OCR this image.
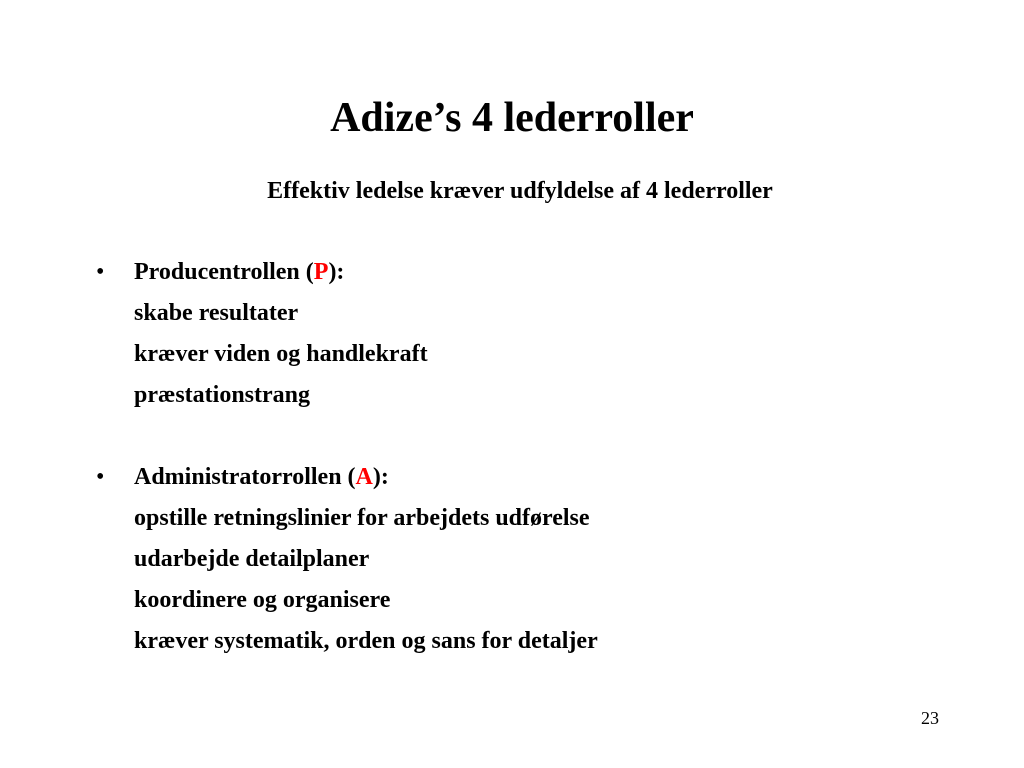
Adize’s 4 lederroller
Effektiv ledelse kræver udfyldelse af 4 lederroller
• Producentrollen (P):
skabe resultater
kræver viden og handlekraft
præstationstrang
• Administratorrollen (A):
opstille retningslinier for arbejdets udførelse
udarbejde detailplaner
koordinere og organisere
kræver systematik, orden og sans for detaljer
23
